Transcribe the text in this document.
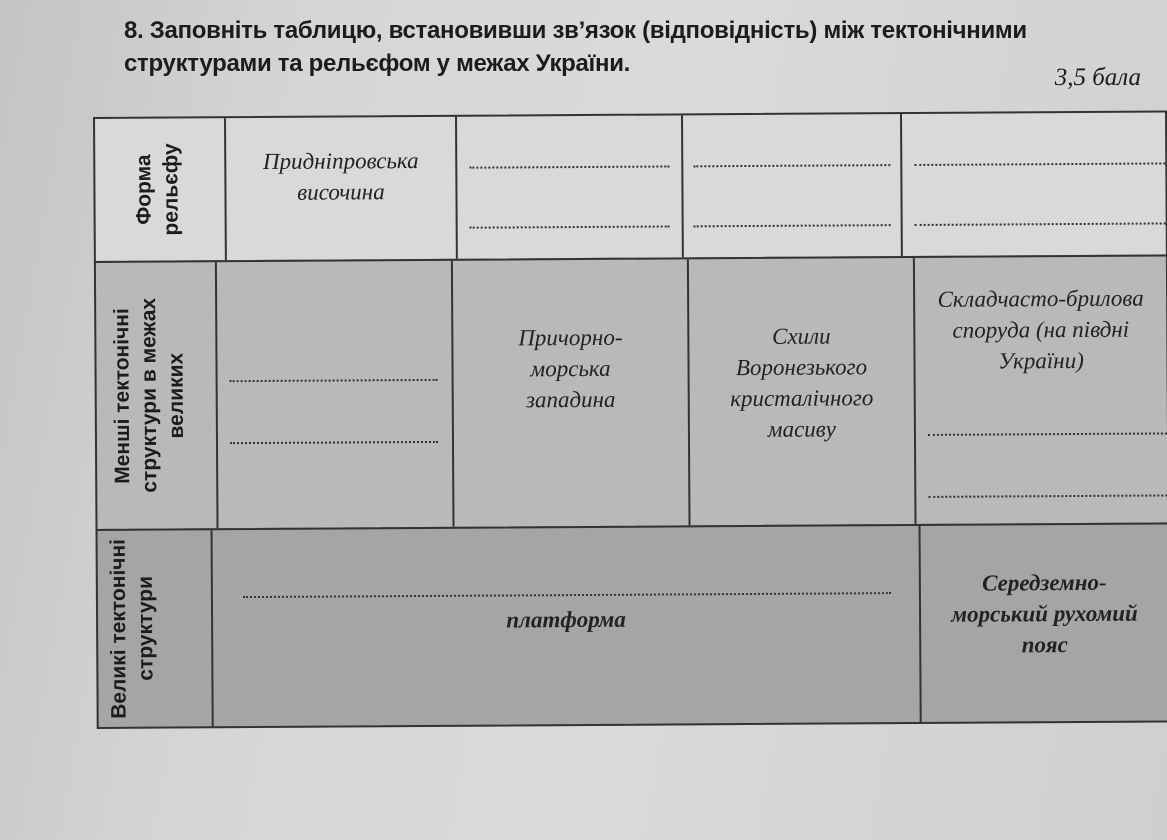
8. Заповніть таблицю, встановивши зв’язок (відповідність) між тектонічними
структурами та рельєфом у межах України.
3,5 бала
Форма рельєфу	Придніпровська височина
Менші тектонічні структури в межах великих
Причорно-морська западина
Схили Воронезького кристалічного масиву
Складчасто-брилова споруда (на півдні України)
Великі тектонічні структури	платформа
Середземно-морський рухомий пояс
